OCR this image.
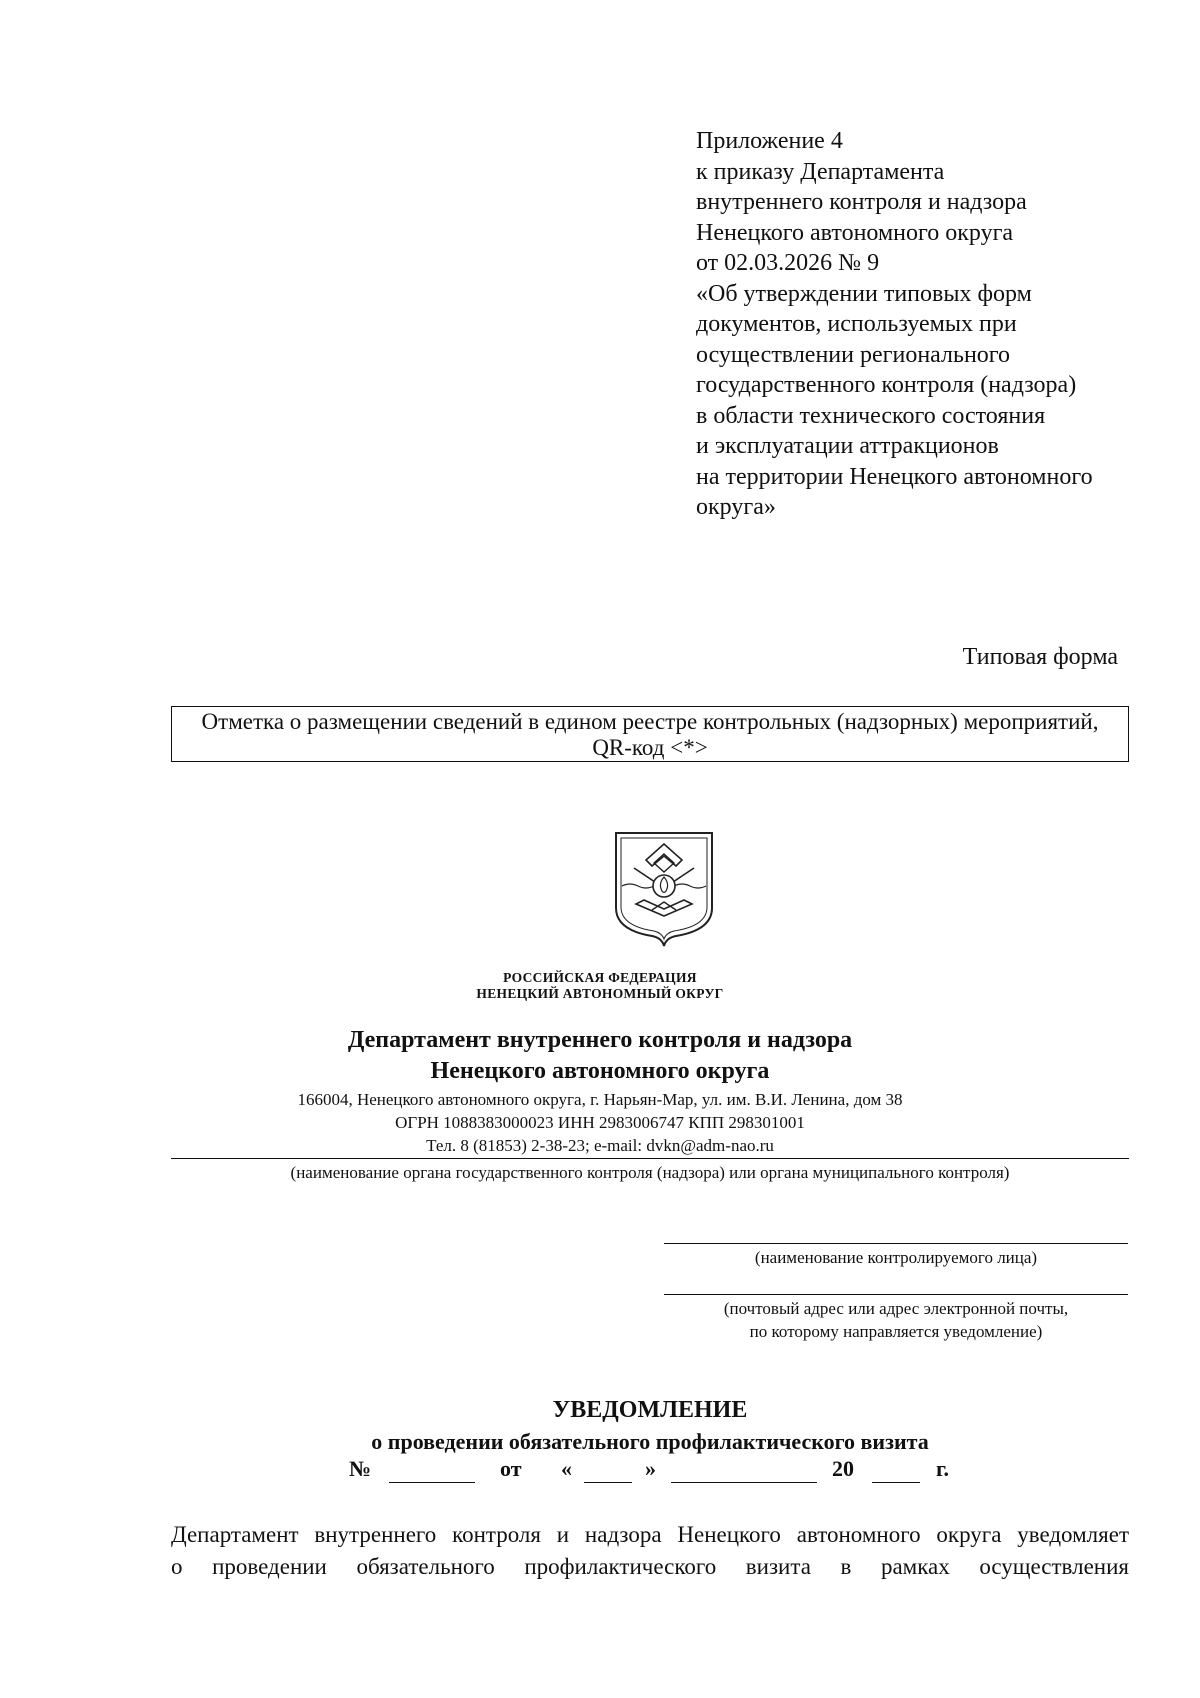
Приложение 4
к приказу Департамента
внутреннего контроля и надзора
Ненецкого автономного округа
от 02.03.2026 № 9
«Об утверждении типовых форм
документов, используемых при
осуществлении регионального
государственного контроля (надзора)
в области технического состояния
и эксплуатации аттракционов
на территории Ненецкого автономного
округа»
Типовая форма
Отметка о размещении сведений в едином реестре контрольных (надзорных) мероприятий,
QR-код <*>
РОССИЙСКАЯ ФЕДЕРАЦИЯ
НЕНЕЦКИЙ АВТОНОМНЫЙ ОКРУГ
Департамент внутреннего контроля и надзора
Ненецкого автономного округа
166004, Ненецкого автономного округа, г. Нарьян-Мар, ул. им. В.И. Ленина, дом 38
ОГРН 1088383000023 ИНН 2983006747 КПП 298301001
Тел. 8 (81853) 2-38-23; e-mail: dvkn@adm-nao.ru
(наименование органа государственного контроля (надзора) или органа муниципального контроля)
(наименование контролируемого лица)
(почтовый адрес или адрес электронной почты,
по которому направляется уведомление)
УВЕДОМЛЕНИЕ
о проведении обязательного профилактического визита
№	от «	»	20	г.
Департамент внутреннего контроля и надзора Ненецкого автономного округа уведомляет
о проведении обязательного профилактического визита в рамках осуществления
